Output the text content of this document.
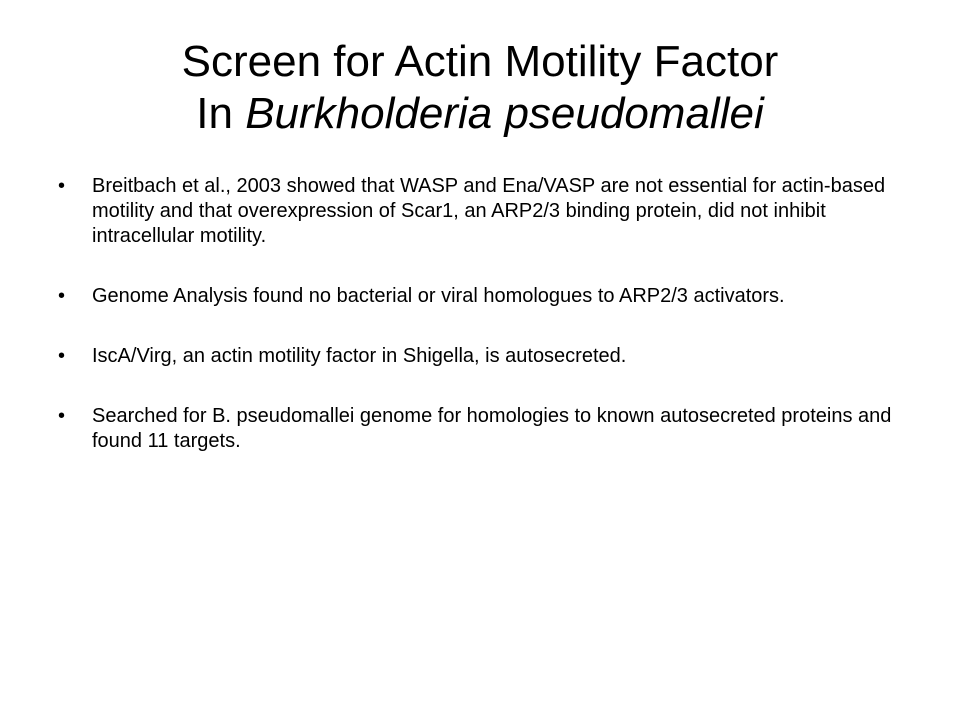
Screen for Actin Motility Factor
In Burkholderia pseudomallei
•	Breitbach et al., 2003 showed that WASP and Ena/VASP are not essential for actin-based motility and that overexpression of Scar1, an ARP2/3 binding protein, did not inhibit intracellular motility.
•	Genome Analysis found no bacterial or viral homologues to ARP2/3 activators.
•	IscA/Virg, an actin motility factor in Shigella, is autosecreted.
•	Searched for B. pseudomallei genome for homologies to known autosecreted proteins and found 11 targets.
